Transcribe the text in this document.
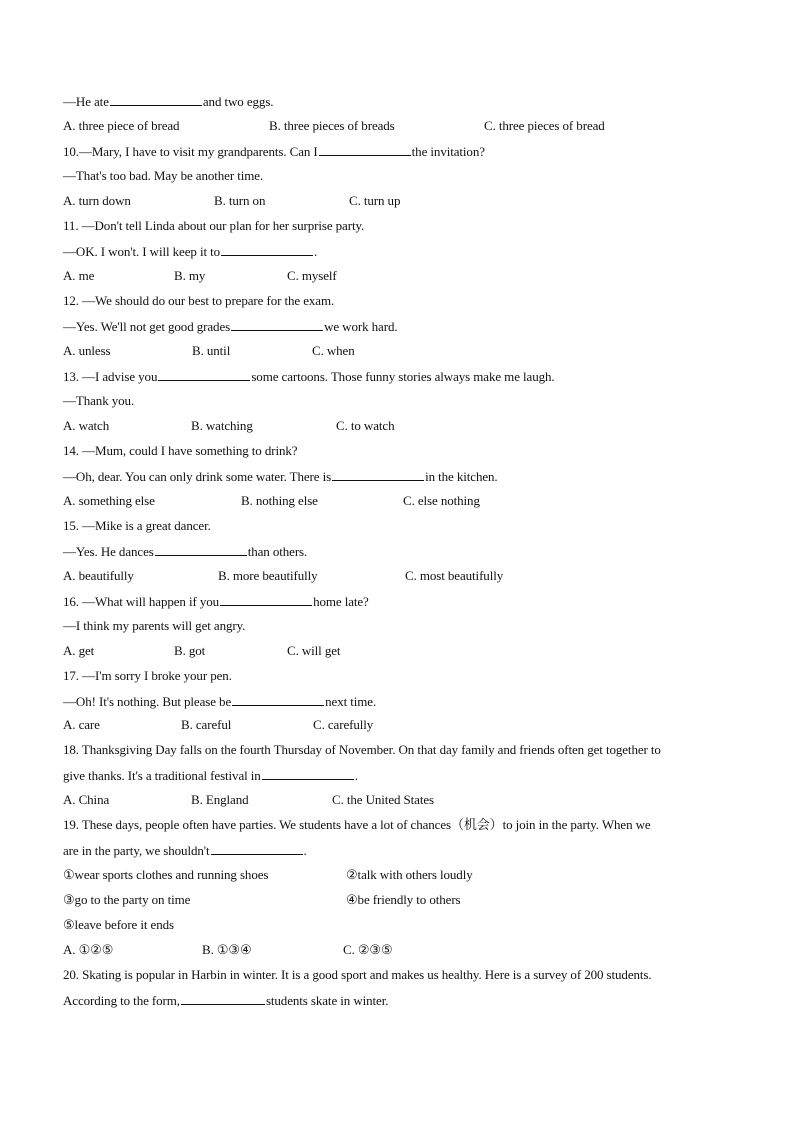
—He ate	and two eggs.
A. three piece of bread	B. three pieces of breads	C. three pieces of bread
10.—Mary, I have to visit my grandparents. Can I	the invitation?
—That's too bad. May be another time.
A. turn down	B. turn on	C. turn up
11. —Don't tell Linda about our plan for her surprise party.
—OK. I won't. I will keep it to	.
A. me	B. my	C. myself
12. —We should do our best to prepare for the exam.
—Yes. We'll not get good grades	we work hard.
A. unless	B. until	C. when
13. —I advise you	some cartoons. Those funny stories always make me laugh.
—Thank you.
A. watch	B. watching	C. to watch
14. —Mum, could I have something to drink?
—Oh, dear. You can only drink some water. There is	in the kitchen.
A. something else	B. nothing else	C. else nothing
15. —Mike is a great dancer.
—Yes. He dances	than others.
A. beautifully	B. more beautifully	C. most beautifully
16. —What will happen if you	home late?
—I think my parents will get angry.
A. get	B. got	C. will get
17. —I'm sorry I broke your pen.
—Oh! It's nothing. But please be	next time.
A. care	B. careful	C. carefully
18. Thanksgiving Day falls on the fourth Thursday of November. On that day family and friends often get together to
give thanks. It's a traditional festival in	.
A. China	B. England	C. the United States
19. These days, people often have parties. We students have a lot of chances（机会）to join in the party. When we
are in the party, we shouldn't	.
①wear sports clothes and running shoes	②talk with others loudly
③go to the party on time	④be friendly to others
⑤leave before it ends
A. ①②⑤	B. ①③④	C. ②③⑤
20. Skating is popular in Harbin in winter. It is a good sport and makes us healthy. Here is a survey of 200 students.
According to the form,	students skate in winter.
